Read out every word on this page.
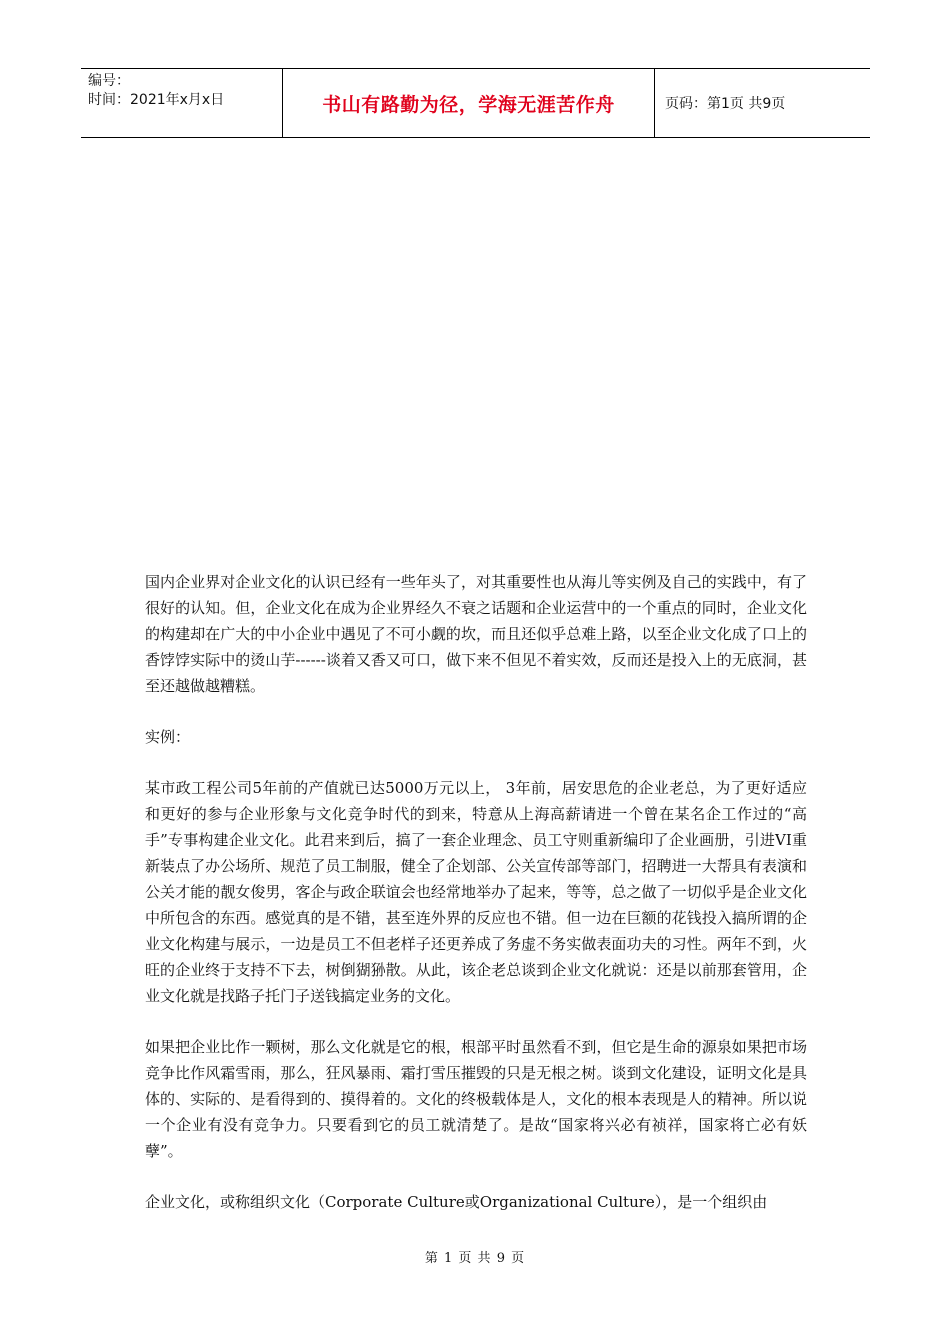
编号：
时间：2021年x月x日	书山有路勤为径，学海无涯苦作舟	页码：第1页 共9页

国内企业界对企业文化的认识已经有一些年头了，对其重要性也从海儿等实例及自己的实践中，有了很好的认知。但，企业文化在成为企业界经久不衰之话题和企业运营中的一个重点的同时，企业文化的构建却在广大的中小企业中遇见了不可小觑的坎，而且还似乎总难上路，以至企业文化成了口上的香饽饽实际中的烫山芋------谈着又香又可口，做下来不但见不着实效，反而还是投入上的无底洞，甚至还越做越糟糕。

实例：

某市政工程公司5年前的产值就已达5000万元以上， 3年前，居安思危的企业老总，为了更好适应和更好的参与企业形象与文化竞争时代的到来，特意从上海高薪请进一个曾在某名企工作过的“高手”专事构建企业文化。此君来到后，搞了一套企业理念、员工守则重新编印了企业画册，引进VI重新装点了办公场所、规范了员工制服，健全了企划部、公关宣传部等部门，招聘进一大帮具有表演和公关才能的靓女俊男，客企与政企联谊会也经常地举办了起来，等等，总之做了一切似乎是企业文化中所包含的东西。感觉真的是不错，甚至连外界的反应也不错。但一边在巨额的花钱投入搞所谓的企业文化构建与展示，一边是员工不但老样子还更养成了务虚不务实做表面功夫的习性。两年不到，火旺的企业终于支持不下去，树倒猢狲散。从此，该企老总谈到企业文化就说：还是以前那套管用，企业文化就是找路子托门子送钱搞定业务的文化。

如果把企业比作一颗树，那么文化就是它的根，根部平时虽然看不到，但它是生命的源泉如果把市场竞争比作风霜雪雨，那么，狂风暴雨、霜打雪压摧毁的只是无根之树。谈到文化建设，证明文化是具体的、实际的、是看得到的、摸得着的。文化的终极载体是人，文化的根本表现是人的精神。所以说一个企业有没有竞争力。只要看到它的员工就清楚了。是故“国家将兴必有祯祥，国家将亡必有妖孽”。

企业文化，或称组织文化（Corporate Culture或Organizational Culture），是一个组织由

第 1 页 共 9 页
